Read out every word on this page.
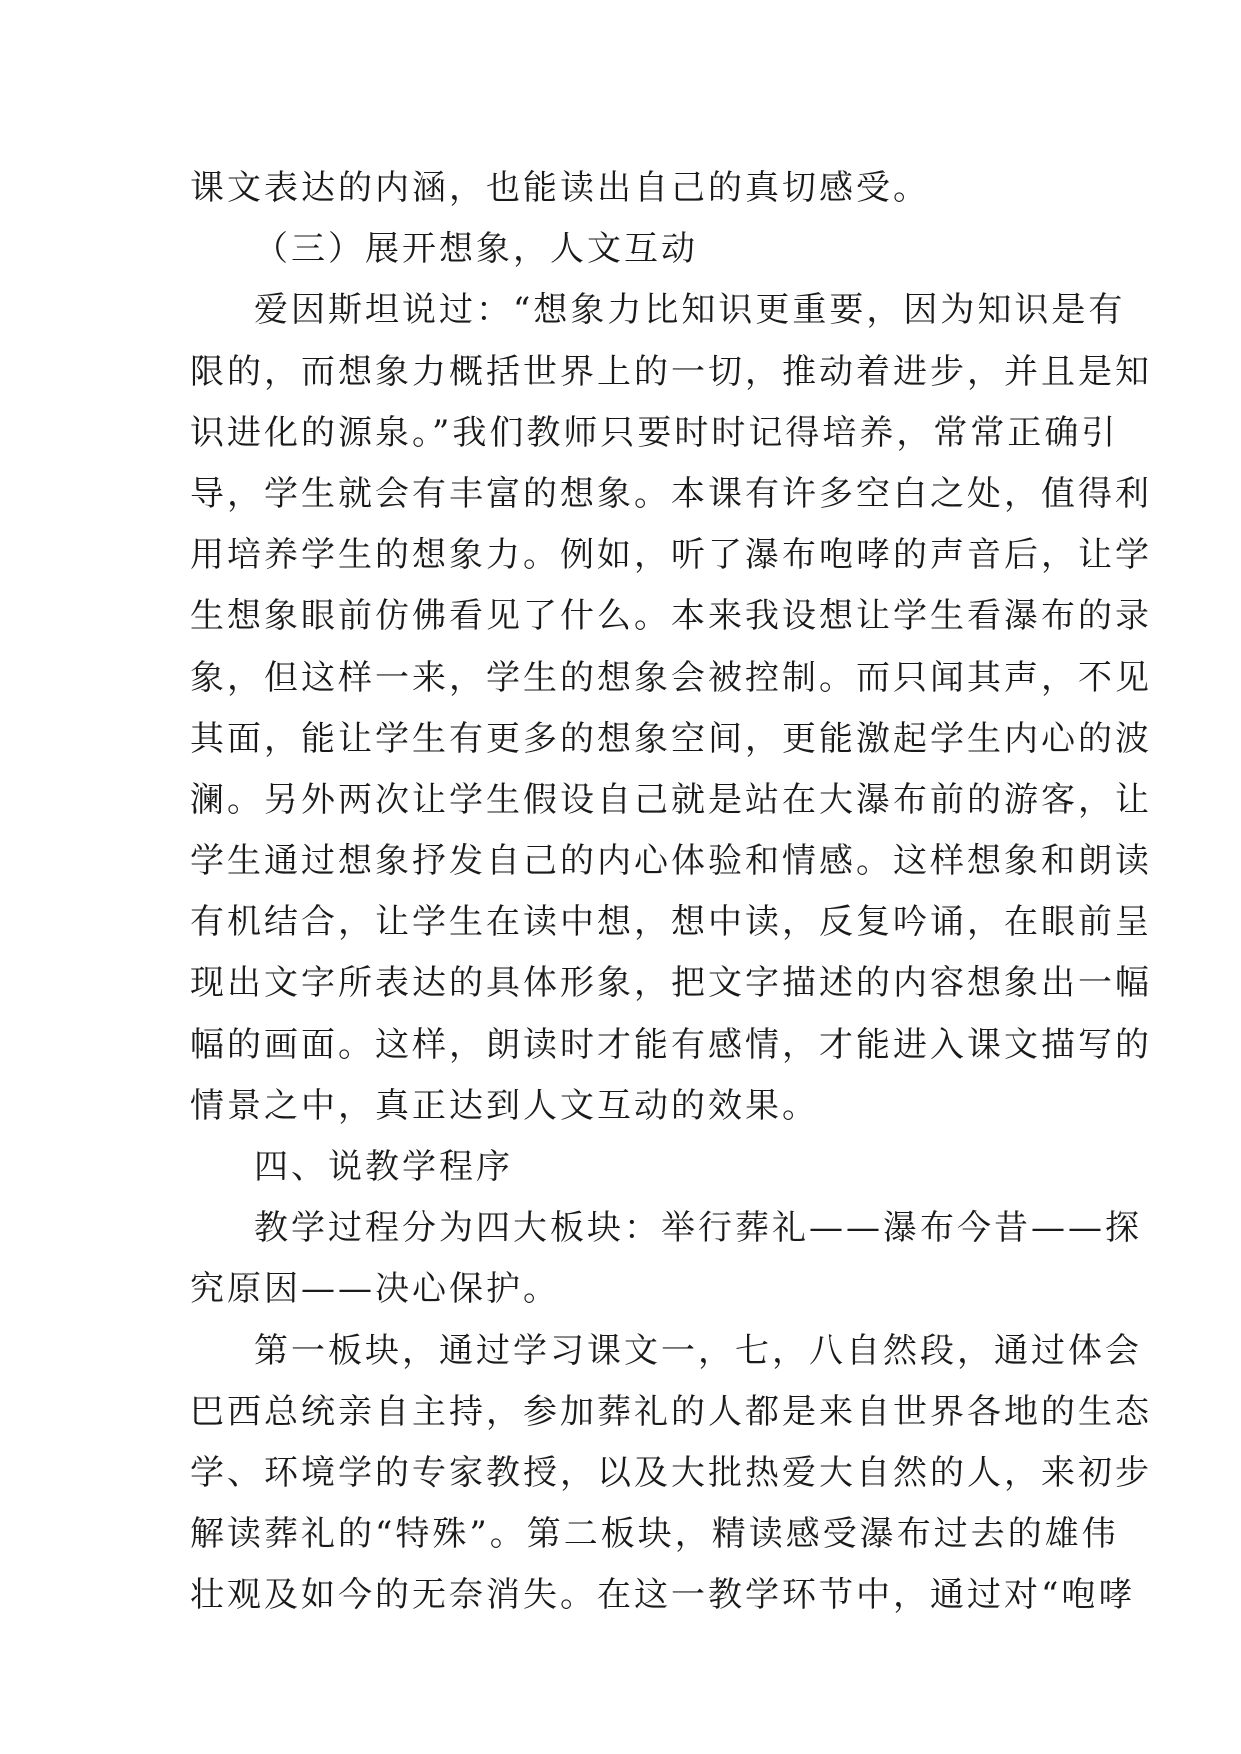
课文表达的内涵，也能读出自己的真切感受。
（三）展开想象，人文互动
爱因斯坦说过：“想象力比知识更重要，因为知识是有
限的，而想象力概括世界上的一切，推动着进步，并且是知
识进化的源泉。”我们教师只要时时记得培养，常常正确引
导，学生就会有丰富的想象。本课有许多空白之处，值得利
用培养学生的想象力。例如，听了瀑布咆哮的声音后，让学
生想象眼前仿佛看见了什么。本来我设想让学生看瀑布的录
象，但这样一来，学生的想象会被控制。而只闻其声，不见
其面，能让学生有更多的想象空间，更能激起学生内心的波
澜。另外两次让学生假设自己就是站在大瀑布前的游客，让
学生通过想象抒发自己的内心体验和情感。这样想象和朗读
有机结合，让学生在读中想，想中读，反复吟诵，在眼前呈
现出文字所表达的具体形象，把文字描述的内容想象出一幅
幅的画面。这样，朗读时才能有感情，才能进入课文描写的
情景之中，真正达到人文互动的效果。
四、说教学程序
教学过程分为四大板块：举行葬礼——瀑布今昔——探
究原因——决心保护。
第一板块，通过学习课文一，七，八自然段，通过体会
巴西总统亲自主持，参加葬礼的人都是来自世界各地的生态
学、环境学的专家教授，以及大批热爱大自然的人，来初步
解读葬礼的“特殊”。第二板块，精读感受瀑布过去的雄伟
壮观及如今的无奈消失。在这一教学环节中，通过对“咆哮
